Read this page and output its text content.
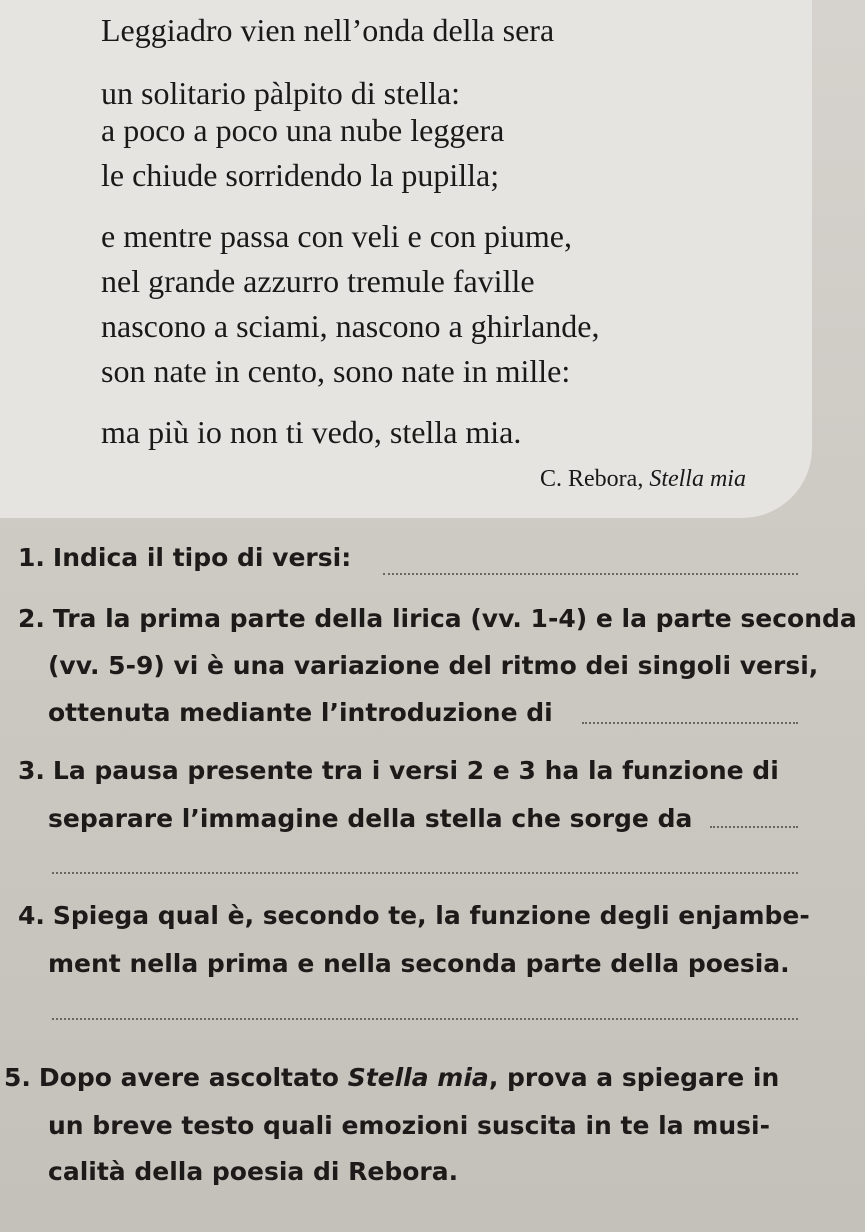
Leggiadro vien nell’onda della sera
un solitario pàlpito di stella:
a poco a poco una nube leggera
le chiude sorridendo la pupilla;
e mentre passa con veli e con piume,
nel grande azzurro tremule faville
nascono a sciami, nascono a ghirlande,
son nate in cento, sono nate in mille:
ma più io non ti vedo, stella mia.
C. Rebora, Stella mia
1. Indica il tipo di versi:
2. Tra la prima parte della lirica (vv. 1-4) e la parte seconda
(vv. 5-9) vi è una variazione del ritmo dei singoli versi,
ottenuta mediante l’introduzione di
3. La pausa presente tra i versi 2 e 3 ha la funzione di
separare l’immagine della stella che sorge da
4. Spiega qual è, secondo te, la funzione degli enjambe-
ment nella prima e nella seconda parte della poesia.
5. Dopo avere ascoltato Stella mia, prova a spiegare in
un breve testo quali emozioni suscita in te la musi-
calità della poesia di Rebora.
